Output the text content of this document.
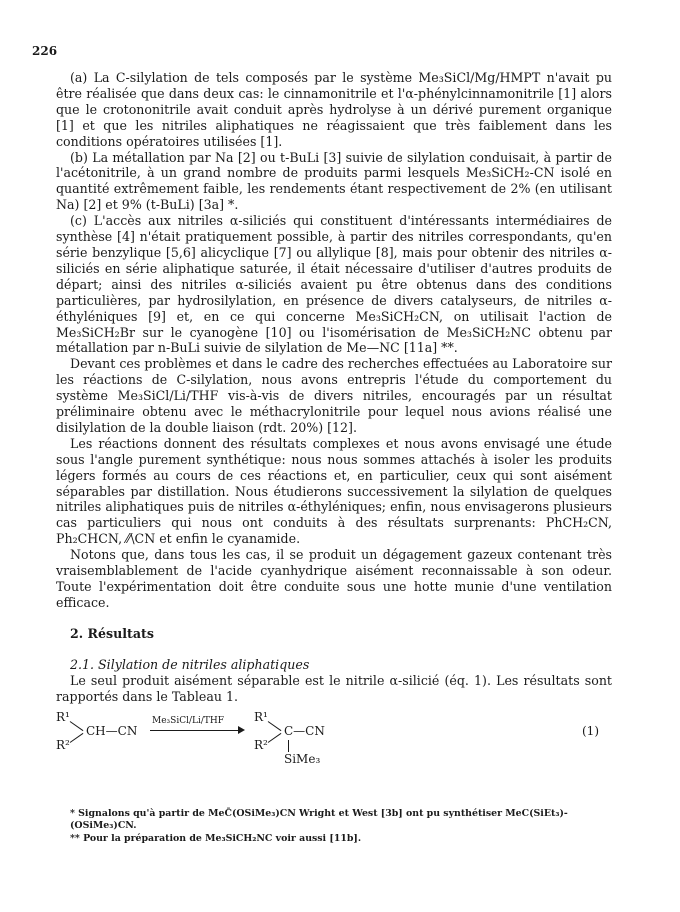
226

(a) La C-silylation de tels composés par le système Me₃SiCl/Mg/HMPT n'avait pu être réalisée que dans deux cas: le cinnamonitrile et l'α-phénylcinnamonitrile [1] alors que le crotononitrile avait conduit après hydrolyse à un dérivé purement organique [1] et que les nitriles aliphatiques ne réagissaient que très faiblement dans les conditions opératoires utilisées [1].

(b) La métallation par Na [2] ou t-BuLi [3] suivie de silylation conduisait, à partir de l'acétonitrile, à un grand nombre de produits parmi lesquels Me₃SiCH₂-CN isolé en quantité extrêmement faible, les rendements étant respectivement de 2% (en utilisant Na) [2] et 9% (t-BuLi) [3a] *.

(c) L'accès aux nitriles α-siliciés qui constituent d'intéressants intermédiaires de synthèse [4] n'était pratiquement possible, à partir des nitriles correspondants, qu'en série benzylique [5,6] alicyclique [7] ou allylique [8], mais pour obtenir des nitriles α-siliciés en série aliphatique saturée, il était nécessaire d'utiliser d'autres produits de départ; ainsi des nitriles α-siliciés avaient pu être obtenus dans des conditions particulières, par hydrosilylation, en présence de divers catalyseurs, de nitriles α-éthyléniques [9] et, en ce qui concerne Me₃SiCH₂CN, on utilisait l'action de Me₃SiCH₂Br sur le cyanogène [10] ou l'isomérisation de Me₃SiCH₂NC obtenu par métallation par n-BuLi suivie de silylation de Me—NC [11a] **.

Devant ces problèmes et dans le cadre des recherches effectuées au Laboratoire sur les réactions de C-silylation, nous avons entrepris l'étude du comportement du système Me₃SiCl/Li/THF vis-à-vis de divers nitriles, encouragés par un résultat préliminaire obtenu avec le méthacrylonitrile pour lequel nous avions réalisé une disilylation de la double liaison (rdt. 20%) [12].

Les réactions donnent des résultats complexes et nous avons envisagé une étude sous l'angle purement synthétique: nous nous sommes attachés à isoler les produits légers formés au cours de ces réactions et, en particulier, ceux qui sont aisément séparables par distillation. Nous étudierons successivement la silylation de quelques nitriles aliphatiques puis de nitriles α-éthyléniques; enfin, nous envisagerons plusieurs cas particuliers qui nous ont conduits à des résultats surprenants: PhCH₂CN, Ph₂CHCN, ⁄⁄\CN et enfin le cyanamide.

Notons que, dans tous les cas, il se produit un dégagement gazeux contenant très vraisemblablement de l'acide cyanhydrique aisément reconnaissable à son odeur. Toute l'expérimentation doit être conduite sous une hotte munie d'une ventilation efficace.

2. Résultats

2.1. Silylation de nitriles aliphatiques

Le seul produit aisément séparable est le nitrile α-silicié (éq. 1). Les résultats sont rapportés dans le Tableau 1.

R¹
CH—CN
R²
Me₃SiCl/Li/THF	R¹
C—CN
R²
SiMe₃
(1)

* Signalons qu'à partir de MeC̄(OSiMe₃)CN Wright et West [3b] ont pu synthétiser MeC(SiEt₃)-(OSiMe₃)CN.

** Pour la préparation de Me₃SiCH₂NC voir aussi [11b].
